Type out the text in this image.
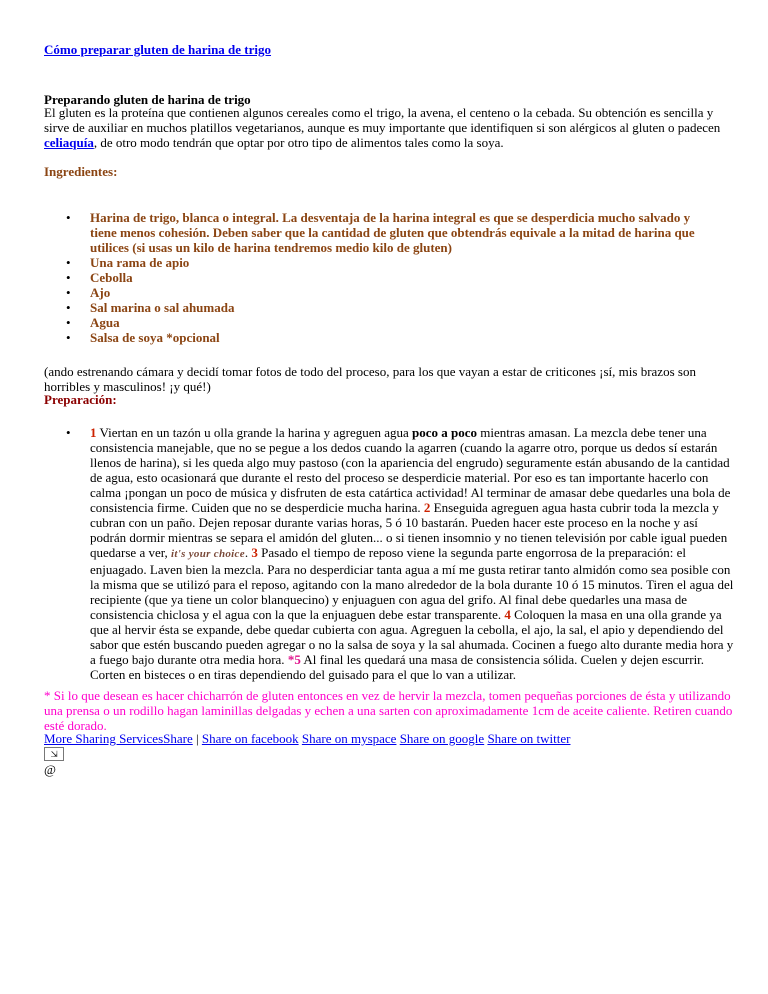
Cómo preparar gluten de harina de trigo
Preparando gluten de harina de trigo
El gluten es la proteína que contienen algunos cereales como el trigo, la avena, el centeno o la cebada. Su obtención es sencilla y sirve de auxiliar en muchos platillos vegetarianos, aunque es muy importante que identifiquen si son alérgicos al gluten o padecen celiaquía, de otro modo tendrán que optar por otro tipo de alimentos tales como la soya.
Ingredientes:
• Harina de trigo, blanca o integral. La desventaja de la harina integral es que se desperdicia mucho salvado y tiene menos cohesión. Deben saber que la cantidad de gluten que obtendrás equivale a la mitad de harina que utilices (si usas un kilo de harina tendremos medio kilo de gluten)
• Una rama de apio
• Cebolla
• Ajo
• Sal marina o sal ahumada
• Agua
• Salsa de soya *opcional
(ando estrenando cámara y decidí tomar fotos de todo del proceso, para los que vayan a estar de criticones ¡sí, mis brazos son horribles y masculinos! ¡y qué!)
Preparación:
• 1 Viertan en un tazón u olla grande la harina y agreguen agua poco a poco mientras amasan. La mezcla debe tener una consistencia manejable, que no se pegue a los dedos cuando la agarren (cuando la agarre otro, porque us dedos sí estarán llenos de harina), si les queda algo muy pastoso (con la apariencia del engrudo) seguramente están abusando de la cantidad de agua, esto ocasionará que durante el resto del proceso se desperdicie material. Por eso es tan importante hacerlo con calma ¡pongan un poco de música y disfruten de esta catártica actividad! Al terminar de amasar debe quedarles una bola de consistencia firme. Cuiden que no se desperdicie mucha harina. 2 Enseguida agreguen agua hasta cubrir toda la mezcla y cubran con un paño. Dejen reposar durante varias horas, 5 ó 10 bastarán. Pueden hacer este proceso en la noche y así podrán dormir mientras se separa el amidón del gluten... o si tienen insomnio y no tienen televisión por cable igual pueden quedarse a ver, it's your choice. 3 Pasado el tiempo de reposo viene la segunda parte engorrosa de la preparación: el enjuagado. Laven bien la mezcla. Para no desperdiciar tanta agua a mí me gusta retirar tanto almidón como sea posible con la misma que se utilizó para el reposo, agitando con la mano alrededor de la bola durante 10 ó 15 minutos. Tiren el agua del recipiente (que ya tiene un color blanquecino) y enjuaguen con agua del grifo. Al final debe quedarles una masa de consistencia chiclosa y el agua con la que la enjuaguen debe estar transparente. 4 Coloquen la masa en una olla grande ya que al hervir ésta se expande, debe quedar cubierta con agua. Agreguen la cebolla, el ajo, la sal, el apio y dependiendo del sabor que estén buscando pueden agregar o no la salsa de soya y la sal ahumada. Cocinen a fuego alto durante media hora y a fuego bajo durante otra media hora. *5 Al final les quedará una masa de consistencia sólida. Cuelen y dejen escurrir. Corten en bisteces o en tiras dependiendo del guisado para el que lo van a utilizar.
* Si lo que desean es hacer chicharrón de gluten entonces en vez de hervir la mezcla, tomen pequeñas porciones de ésta y utilizando una prensa o un rodillo hagan laminillas delgadas y echen a una sarten con aproximadamente 1cm de aceite caliente. Retiren cuando esté dorado.
More Sharing ServicesShare | Share on facebook Share on myspace Share on google Share on twitter
⇲
@
